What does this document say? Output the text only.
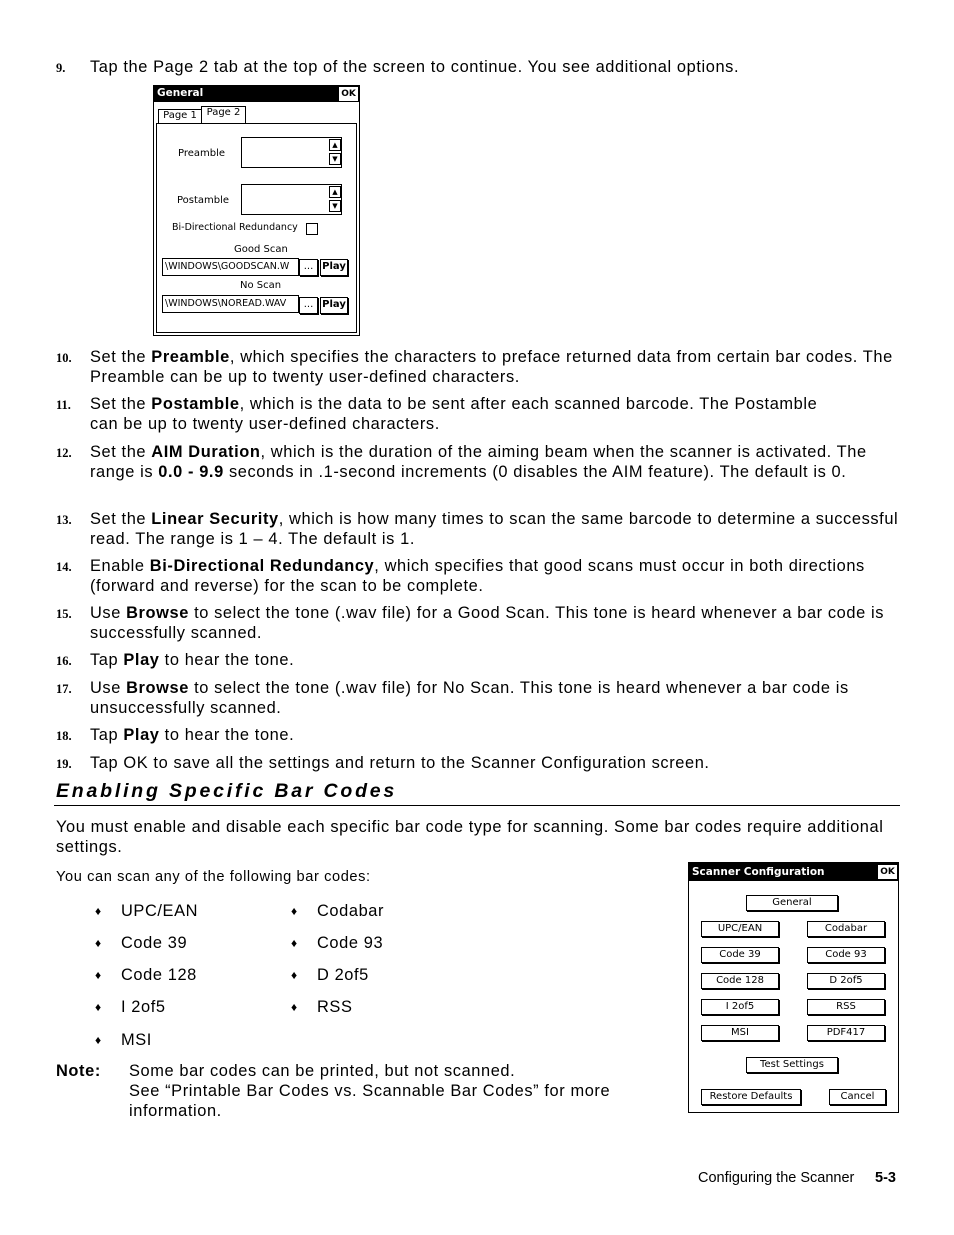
9. Tap the Page 2 tab at the top of the screen to continue. You see additional options.
General	OK
Page 1 Page 2
Preamble
▲
▼
Postamble
▲
▼
Bi-Directional Redundancy
Good Scan
\WINDOWS\GOODSCAN.W	... Play
No Scan
\WINDOWS\NOREAD.WAV	... Play
10. Set the Preamble, which specifies the characters to preface returned data from certain bar codes. The Preamble can be up to twenty user-defined characters.
11. Set the Postamble, which is the data to be sent after each scanned barcode. The Postamble can be up to twenty user-defined characters.
12. Set the AIM Duration, which is the duration of the aiming beam when the scanner is activated. The range is 0.0 - 9.9 seconds in .1-second increments (0 disables the AIM feature). The default is 0.
13. Set the Linear Security, which is how many times to scan the same barcode to determine a successful read. The range is 1 – 4. The default is 1.
14. Enable Bi-Directional Redundancy, which specifies that good scans must occur in both directions (forward and reverse) for the scan to be complete.
15. Use Browse to select the tone (.wav file) for a Good Scan. This tone is heard whenever a bar code is successfully scanned.
16. Tap Play to hear the tone.
17. Use Browse to select the tone (.wav file) for No Scan. This tone is heard whenever a bar code is unsuccessfully scanned.
18. Tap Play to hear the tone.
19. Tap OK to save all the settings and return to the Scanner Configuration screen.
Enabling Specific Bar Codes
You must enable and disable each specific bar code type for scanning. Some bar codes require additional settings.
You can scan any of the following bar codes:
♦ UPC/EAN
♦ Code 39
♦ Code 128
♦ I 2of5
♦ MSI
♦ Codabar
♦ Code 93
♦ D 2of5
♦ RSS
Note: Some bar codes can be printed, but not scanned.
See “Printable Bar Codes vs. Scannable Bar Codes” for more information.
Scanner Configuration	OK
General
UPC/EAN
Code 39
Code 128
I 2of5
MSI
Codabar
Code 93
D 2of5
RSS
PDF417
Test Settings
Restore Defaults	Cancel
Configuring the Scanner 5-3
